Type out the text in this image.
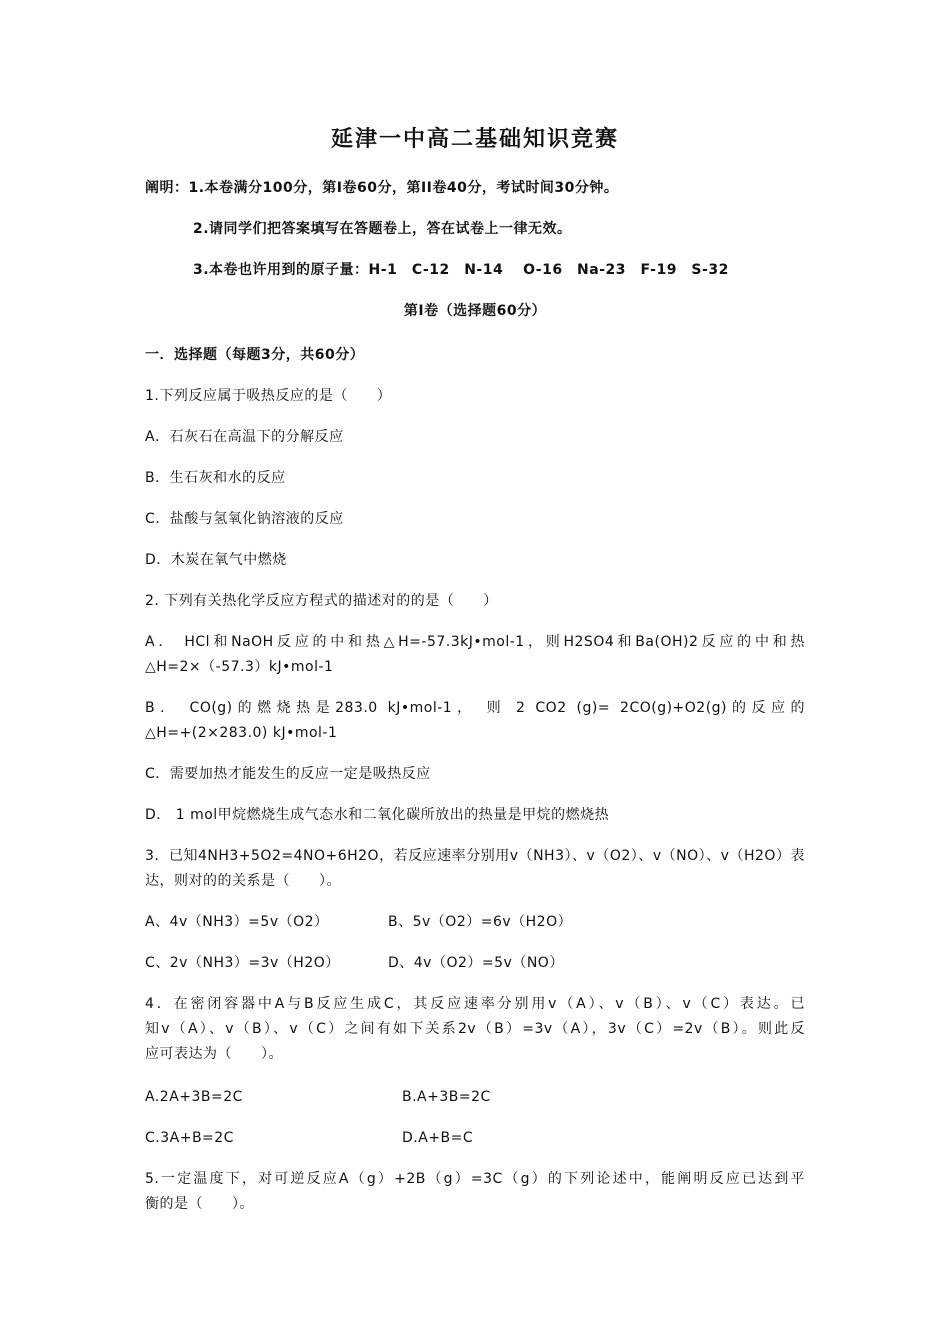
延津一中高二基础知识竞赛
阐明：1.本卷满分100分，第Ⅰ卷60分，第II卷40分，考试时间30分钟。
2.请同学们把答案填写在答题卷上，答在试卷上一律无效。
3.本卷也许用到的原子量：H-1　C-12　N-14　 O-16　Na-23　F-19　S-32
第Ⅰ卷（选择题60分）
一．选择题（每题3分，共60分）
1.下列反应属于吸热反应的是（　　）
A．石灰石在高温下的分解反应
B．生石灰和水的反应
C．盐酸与氢氧化钠溶液的反应
D．木炭在氧气中燃烧
2. 下列有关热化学反应方程式的描述对的的是（　　）
A． HCl和NaOH反应的中和热△H=-57.3kJ•mol-1，则H2SO4和Ba(OH)2反应的中和热
△H=2×（-57.3）kJ•mol-1
B． CO(g)的燃烧热是283.0 kJ•mol-1， 则 2 CO2 (g)= 2CO(g)+O2(g)的反应的
△H=+(2×283.0) kJ•mol-1
C．需要加热才能发生的反应一定是吸热反应
D． 1 mol甲烷燃烧生成气态水和二氧化碳所放出的热量是甲烷的燃烧热
3．已知4NH3+5O2=4NO+6H2O，若反应速率分别用v（NH3）、v（O2）、v（NO）、v（H2O）表
达，则对的的关系是（　　）。
A、4v（NH3）=5v（O2）	B、5v（O2）=6v（H2O）
C、2v（NH3）=3v（H2O）	D、4v（O2）=5v（NO）
4．在密闭容器中A与B反应生成C，其反应速率分别用v（A）、v（B）、v（C）表达。已
知v（A）、v（B）、v（C）之间有如下关系2v（B）=3v（A），3v（C）=2v（B）。则此反
应可表达为（　　）。
A.2A+3B=2C	B.A+3B=2C
C.3A+B=2C	D.A+B=C
5.一定温度下，对可逆反应A（g）+2B（g）=3C（g）的下列论述中，能阐明反应已达到平
衡的是（　　）。
